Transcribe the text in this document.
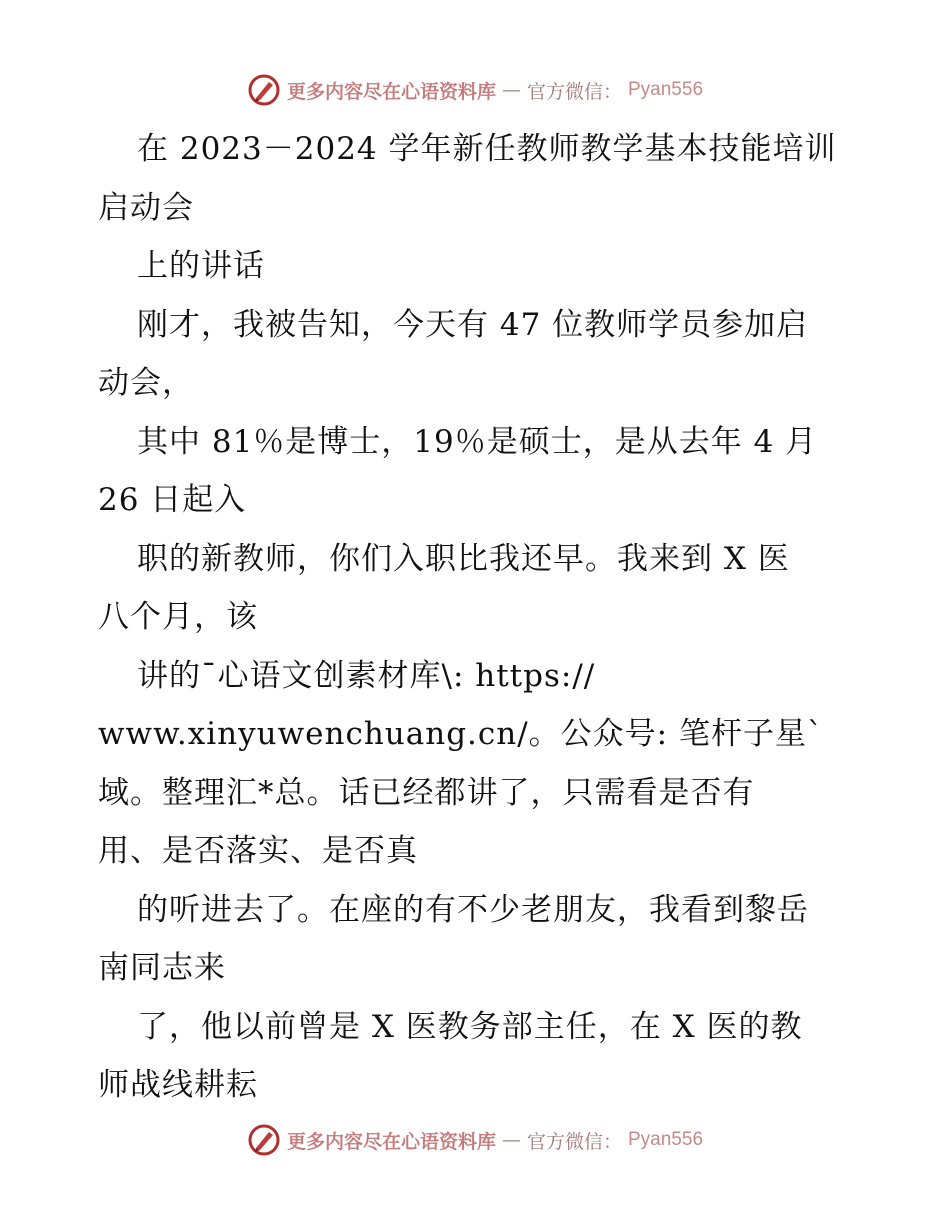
更多内容尽在心语资料库 — 官方微信： Pyan556
在 2023－2024 学年新任教师教学基本技能培训
启动会
上的讲话
刚才，我被告知，今天有 47 位教师学员参加启
动会，
其中 81％是博士，19％是硕士，是从去年 4 月
26 日起入
职的新教师，你们入职比我还早。我来到 X 医
八个月，该
讲的¯心语文创素材库\: https://
www.xinyuwenchuang.cn/。公众号: 笔杆子星`
域。整理汇*总。话已经都讲了，只需看是否有
用、是否落实、是否真
的听进去了。在座的有不少老朋友，我看到黎岳
南同志来
了，他以前曾是 X 医教务部主任，在 X 医的教
师战线耕耘
更多内容尽在心语资料库 — 官方微信： Pyan556
